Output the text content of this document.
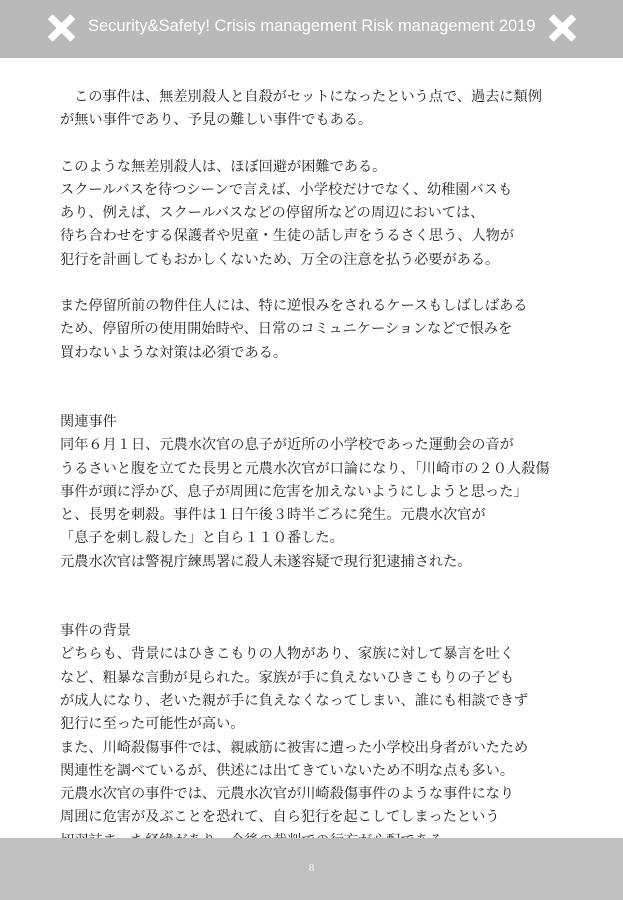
Security&Safety! Crisis management Risk management 2019

この事件は、無差別殺人と自殺がセットになったという点で、過去に類例

が無い事件であり、予見の難しい事件でもある。

このような無差別殺人は、ほぼ回避が困難である。

スクールバスを待つシーンで言えば、小学校だけでなく、幼稚園バスも

あり、例えば、スクールバスなどの停留所などの周辺においては、

待ち合わせをする保護者や児童・生徒の話し声をうるさく思う、人物が

犯行を計画してもおかしくないため、万全の注意を払う必要がある。

また停留所前の物件住人には、特に逆恨みをされるケースもしばしばある

ため、停留所の使用開始時や、日常のコミュニケーションなどで恨みを

買わないような対策は必須である。

関連事件

同年６月１日、元農水次官の息子が近所の小学校であった運動会の音が

うるさいと腹を立てた長男と元農水次官が口論になり、｢川崎市の２０人殺傷

事件が頭に浮かび、息子が周囲に危害を加えないようにしようと思った｣

と、長男を刺殺。事件は１日午後３時半ごろに発生。元農水次官が

「息子を刺し殺した」と自ら１１０番した。

元農水次官は警視庁練馬署に殺人未遂容疑で現行犯逮捕された。

事件の背景

どちらも、背景にはひきこもりの人物があり、家族に対して暴言を吐く

など、粗暴な言動が見られた。家族が手に負えないひきこもりの子ども

が成人になり、老いた親が手に負えなくなってしまい、誰にも相談できず

犯行に至った可能性が高い。

また、川崎殺傷事件では、親戚筋に被害に遭った小学校出身者がいたため

関連性を調べているが、供述には出てきていないため不明な点も多い。

元農水次官の事件では、元農水次官が川崎殺傷事件のような事件になり

周囲に危害が及ぶことを恐れて、自ら犯行を起こしてしまったという

8
